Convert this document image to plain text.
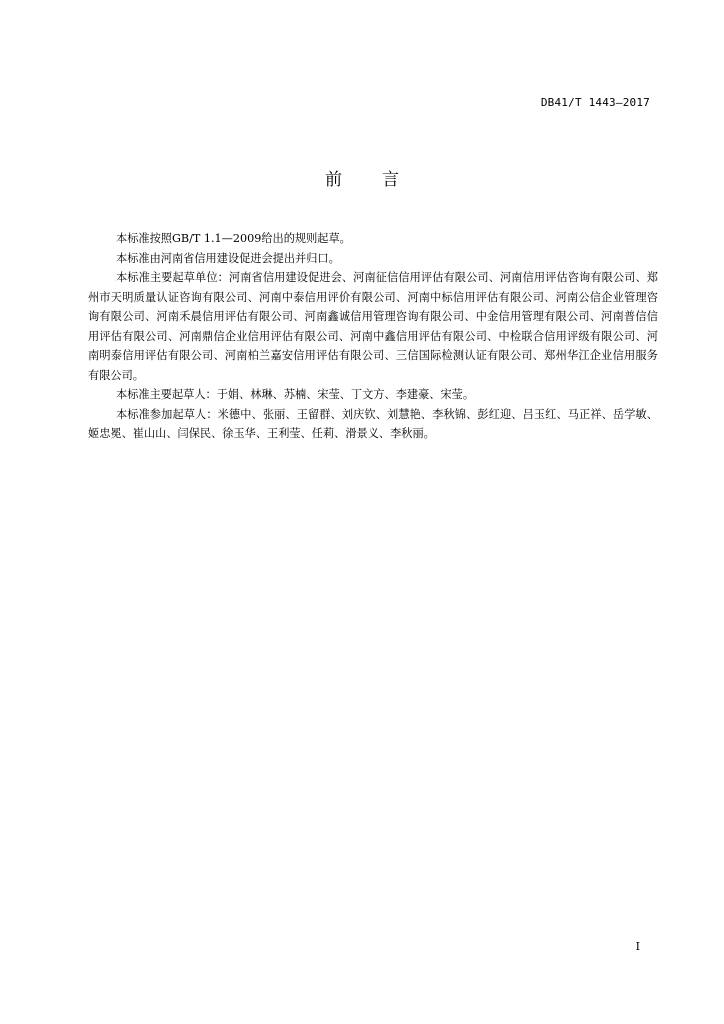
DB41/T 1443—2017
前 言

本标准按照GB/T 1.1—2009给出的规则起草。

本标准由河南省信用建设促进会提出并归口。

本标准主要起草单位：河南省信用建设促进会、河南征信信用评估有限公司、河南信用评估咨询有限公司、郑州市天明质量认证咨询有限公司、河南中泰信用评价有限公司、河南中标信用评估有限公司、河南公信企业管理咨询有限公司、河南禾晨信用评估有限公司、河南鑫诚信用管理咨询有限公司、中金信用管理有限公司、河南普信信用评估有限公司、河南鼎信企业信用评估有限公司、河南中鑫信用评估有限公司、中检联合信用评级有限公司、河南明泰信用评估有限公司、河南柏兰嘉安信用评估有限公司、三信国际检测认证有限公司、郑州华江企业信用服务有限公司。

本标准主要起草人：于娟、林琳、苏楠、宋莹、丁文方、李建豪、宋莹。

本标准参加起草人：米德中、张丽、王留群、刘庆钦、刘慧艳、李秋锦、彭红迎、吕玉红、马正祥、岳学敏、姬忠冕、崔山山、闫保民、徐玉华、王利莹、任莉、滑景义、李秋丽。

I
